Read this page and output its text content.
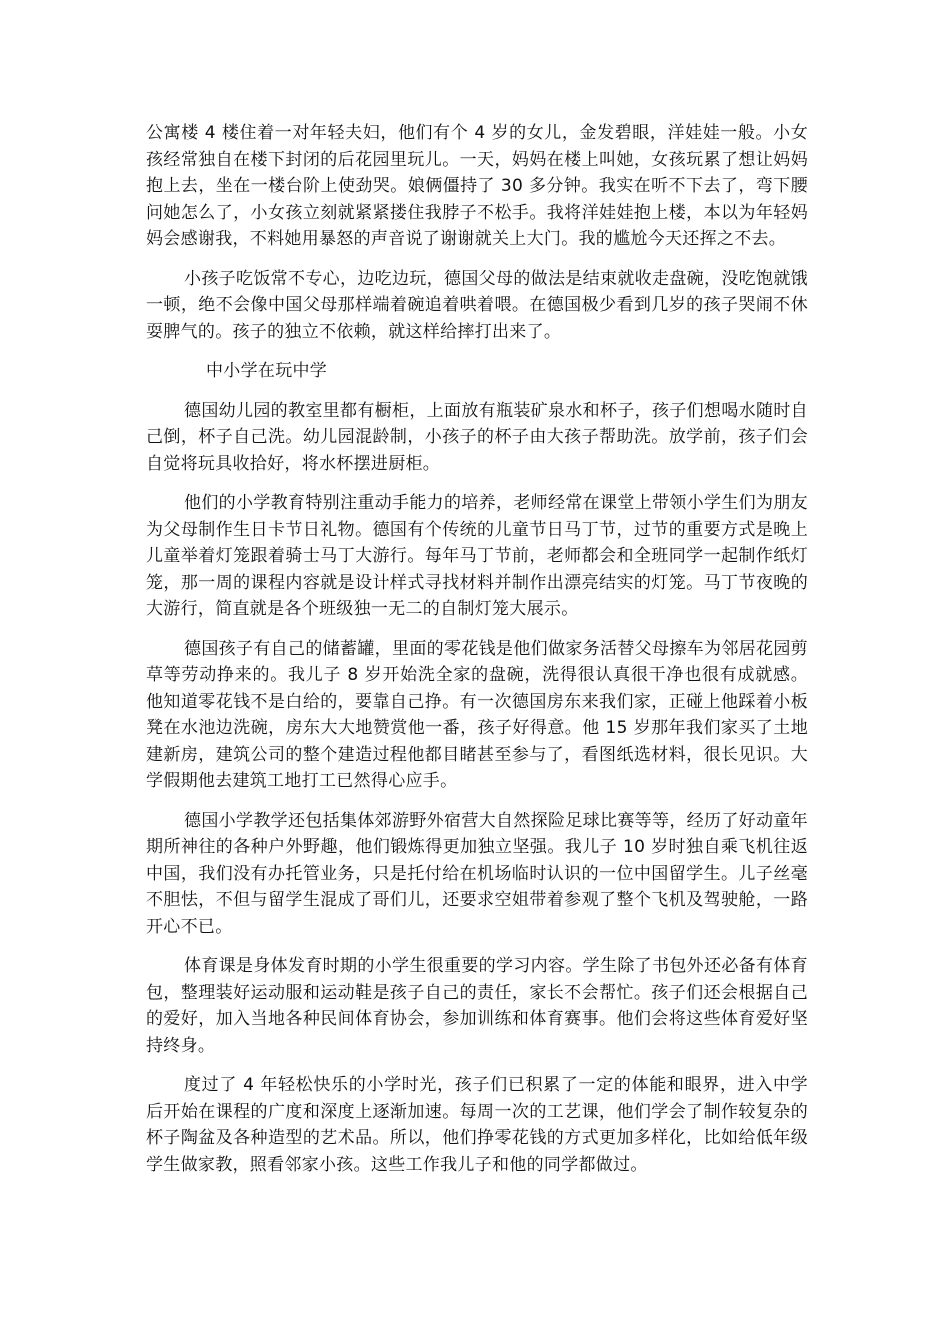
公寓楼 4 楼住着一对年轻夫妇，他们有个 4 岁的女儿，金发碧眼，洋娃娃一般。小女孩经常独自在楼下封闭的后花园里玩儿。一天，妈妈在楼上叫她，女孩玩累了想让妈妈抱上去，坐在一楼台阶上使劲哭。娘俩僵持了 30 多分钟。我实在听不下去了，弯下腰问她怎么了，小女孩立刻就紧紧搂住我脖子不松手。我将洋娃娃抱上楼，本以为年轻妈妈会感谢我，不料她用暴怒的声音说了谢谢就关上大门。我的尴尬今天还挥之不去。

小孩子吃饭常不专心，边吃边玩，德国父母的做法是结束就收走盘碗，没吃饱就饿一顿，绝不会像中国父母那样端着碗追着哄着喂。在德国极少看到几岁的孩子哭闹不休耍脾气的。孩子的独立不依赖，就这样给摔打出来了。

中小学在玩中学

德国幼儿园的教室里都有橱柜，上面放有瓶装矿泉水和杯子，孩子们想喝水随时自己倒，杯子自己洗。幼儿园混龄制，小孩子的杯子由大孩子帮助洗。放学前，孩子们会自觉将玩具收拾好，将水杯摆进厨柜。

他们的小学教育特别注重动手能力的培养，老师经常在课堂上带领小学生们为朋友为父母制作生日卡节日礼物。德国有个传统的儿童节日马丁节，过节的重要方式是晚上儿童举着灯笼跟着骑士马丁大游行。每年马丁节前，老师都会和全班同学一起制作纸灯笼，那一周的课程内容就是设计样式寻找材料并制作出漂亮结实的灯笼。马丁节夜晚的大游行，简直就是各个班级独一无二的自制灯笼大展示。

德国孩子有自己的储蓄罐，里面的零花钱是他们做家务活替父母擦车为邻居花园剪草等劳动挣来的。我儿子 8 岁开始洗全家的盘碗，洗得很认真很干净也很有成就感。他知道零花钱不是白给的，要靠自己挣。有一次德国房东来我们家，正碰上他踩着小板凳在水池边洗碗，房东大大地赞赏他一番，孩子好得意。他 15 岁那年我们家买了土地建新房，建筑公司的整个建造过程他都目睹甚至参与了，看图纸选材料，很长见识。大学假期他去建筑工地打工已然得心应手。

德国小学教学还包括集体郊游野外宿营大自然探险足球比赛等等，经历了好动童年期所神往的各种户外野趣，他们锻炼得更加独立坚强。我儿子 10 岁时独自乘飞机往返中国，我们没有办托管业务，只是托付给在机场临时认识的一位中国留学生。儿子丝毫不胆怯，不但与留学生混成了哥们儿，还要求空姐带着参观了整个飞机及驾驶舱，一路开心不已。

体育课是身体发育时期的小学生很重要的学习内容。学生除了书包外还必备有体育包，整理装好运动服和运动鞋是孩子自己的责任，家长不会帮忙。孩子们还会根据自己的爱好，加入当地各种民间体育协会，参加训练和体育赛事。他们会将这些体育爱好坚持终身。

度过了 4 年轻松快乐的小学时光，孩子们已积累了一定的体能和眼界，进入中学后开始在课程的广度和深度上逐渐加速。每周一次的工艺课，他们学会了制作较复杂的杯子陶盆及各种造型的艺术品。所以，他们挣零花钱的方式更加多样化，比如给低年级学生做家教，照看邻家小孩。这些工作我儿子和他的同学都做过。
